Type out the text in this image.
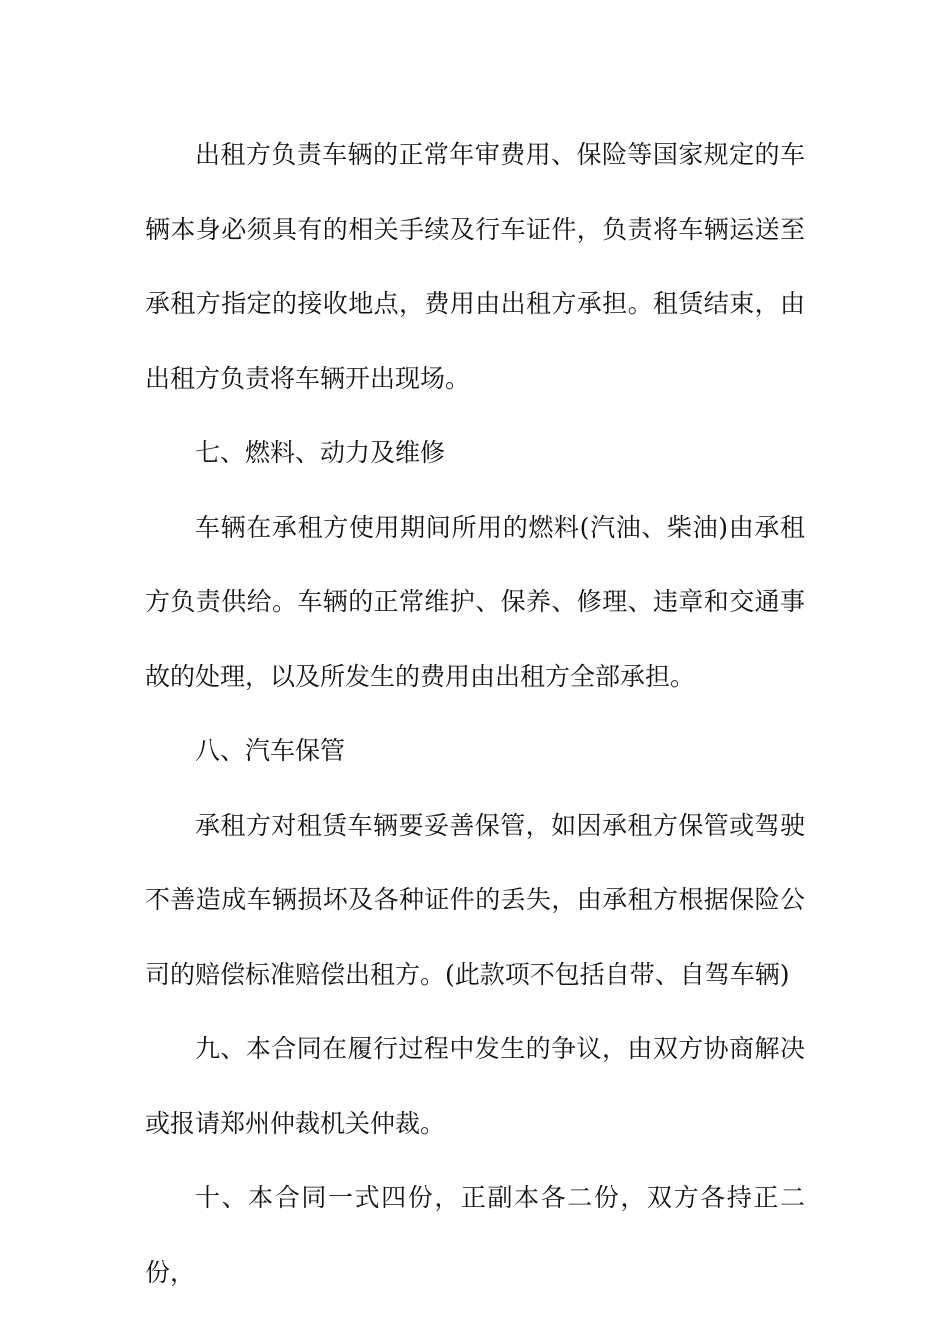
出租方负责车辆的正常年审费用、保险等国家规定的车辆本身必须具有的相关手续及行车证件，负责将车辆运送至承租方指定的接收地点，费用由出租方承担。租赁结束，由出租方负责将车辆开出现场。

七、燃料、动力及维修

车辆在承租方使用期间所用的燃料(汽油、柴油)由承租方负责供给。车辆的正常维护、保养、修理、违章和交通事故的处理，以及所发生的费用由出租方全部承担。

八、汽车保管

承租方对租赁车辆要妥善保管，如因承租方保管或驾驶不善造成车辆损坏及各种证件的丢失，由承租方根据保险公司的赔偿标准赔偿出租方。(此款项不包括自带、自驾车辆)

九、本合同在履行过程中发生的争议，由双方协商解决或报请郑州仲裁机关仲裁。

十、本合同一式四份，正副本各二份，双方各持正二份，
